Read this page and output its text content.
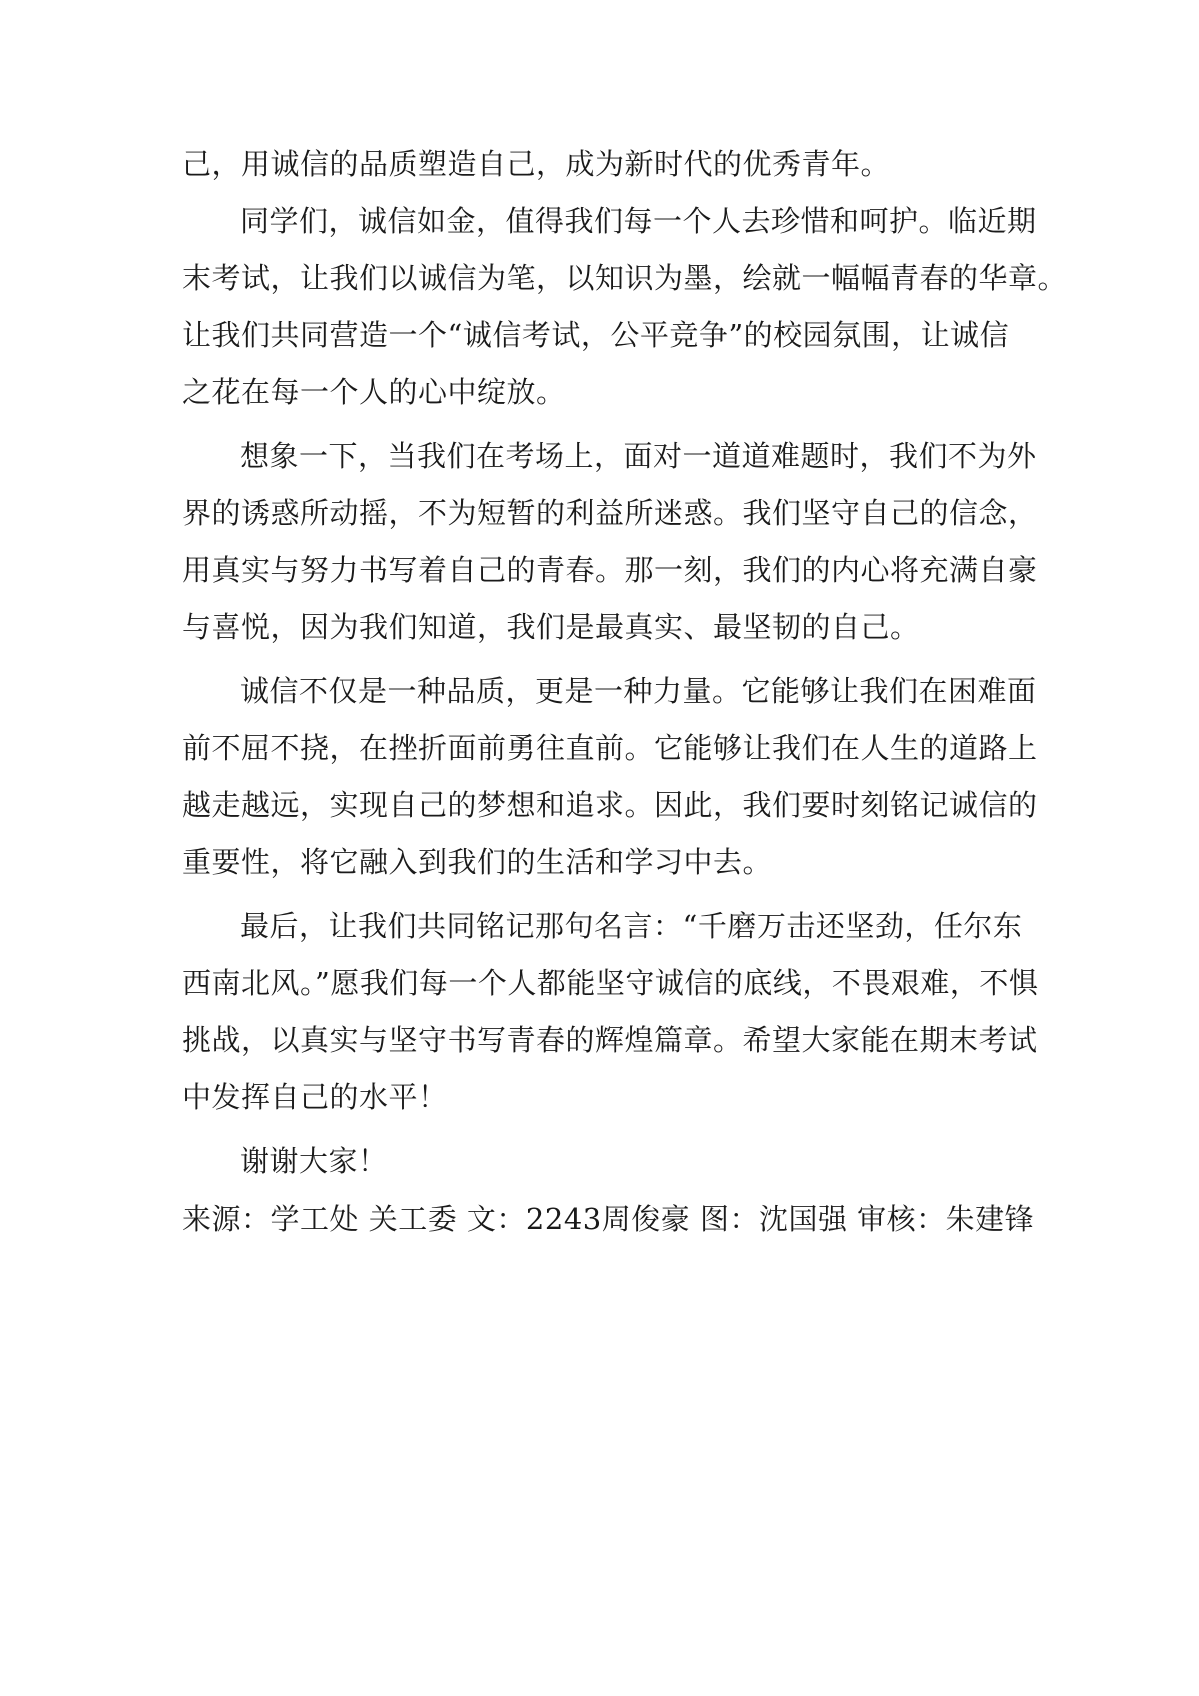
己，用诚信的品质塑造自己，成为新时代的优秀青年。
同学们，诚信如金，值得我们每一个人去珍惜和呵护。临近期
末考试，让我们以诚信为笔，以知识为墨，绘就一幅幅青春的华章。
让我们共同营造一个“诚信考试，公平竞争”的校园氛围，让诚信
之花在每一个人的心中绽放。
想象一下，当我们在考场上，面对一道道难题时，我们不为外
界的诱惑所动摇，不为短暂的利益所迷惑。我们坚守自己的信念，
用真实与努力书写着自己的青春。那一刻，我们的内心将充满自豪
与喜悦，因为我们知道，我们是最真实、最坚韧的自己。
诚信不仅是一种品质，更是一种力量。它能够让我们在困难面
前不屈不挠，在挫折面前勇往直前。它能够让我们在人生的道路上
越走越远，实现自己的梦想和追求。因此，我们要时刻铭记诚信的
重要性，将它融入到我们的生活和学习中去。
最后，让我们共同铭记那句名言：“千磨万击还坚劲，任尔东
西南北风。”愿我们每一个人都能坚守诚信的底线，不畏艰难，不惧
挑战，以真实与坚守书写青春的辉煌篇章。希望大家能在期末考试
中发挥自己的水平！
谢谢大家！
来源：学工处 关工委 文：2243周俊豪 图：沈国强 审核：朱建锋
